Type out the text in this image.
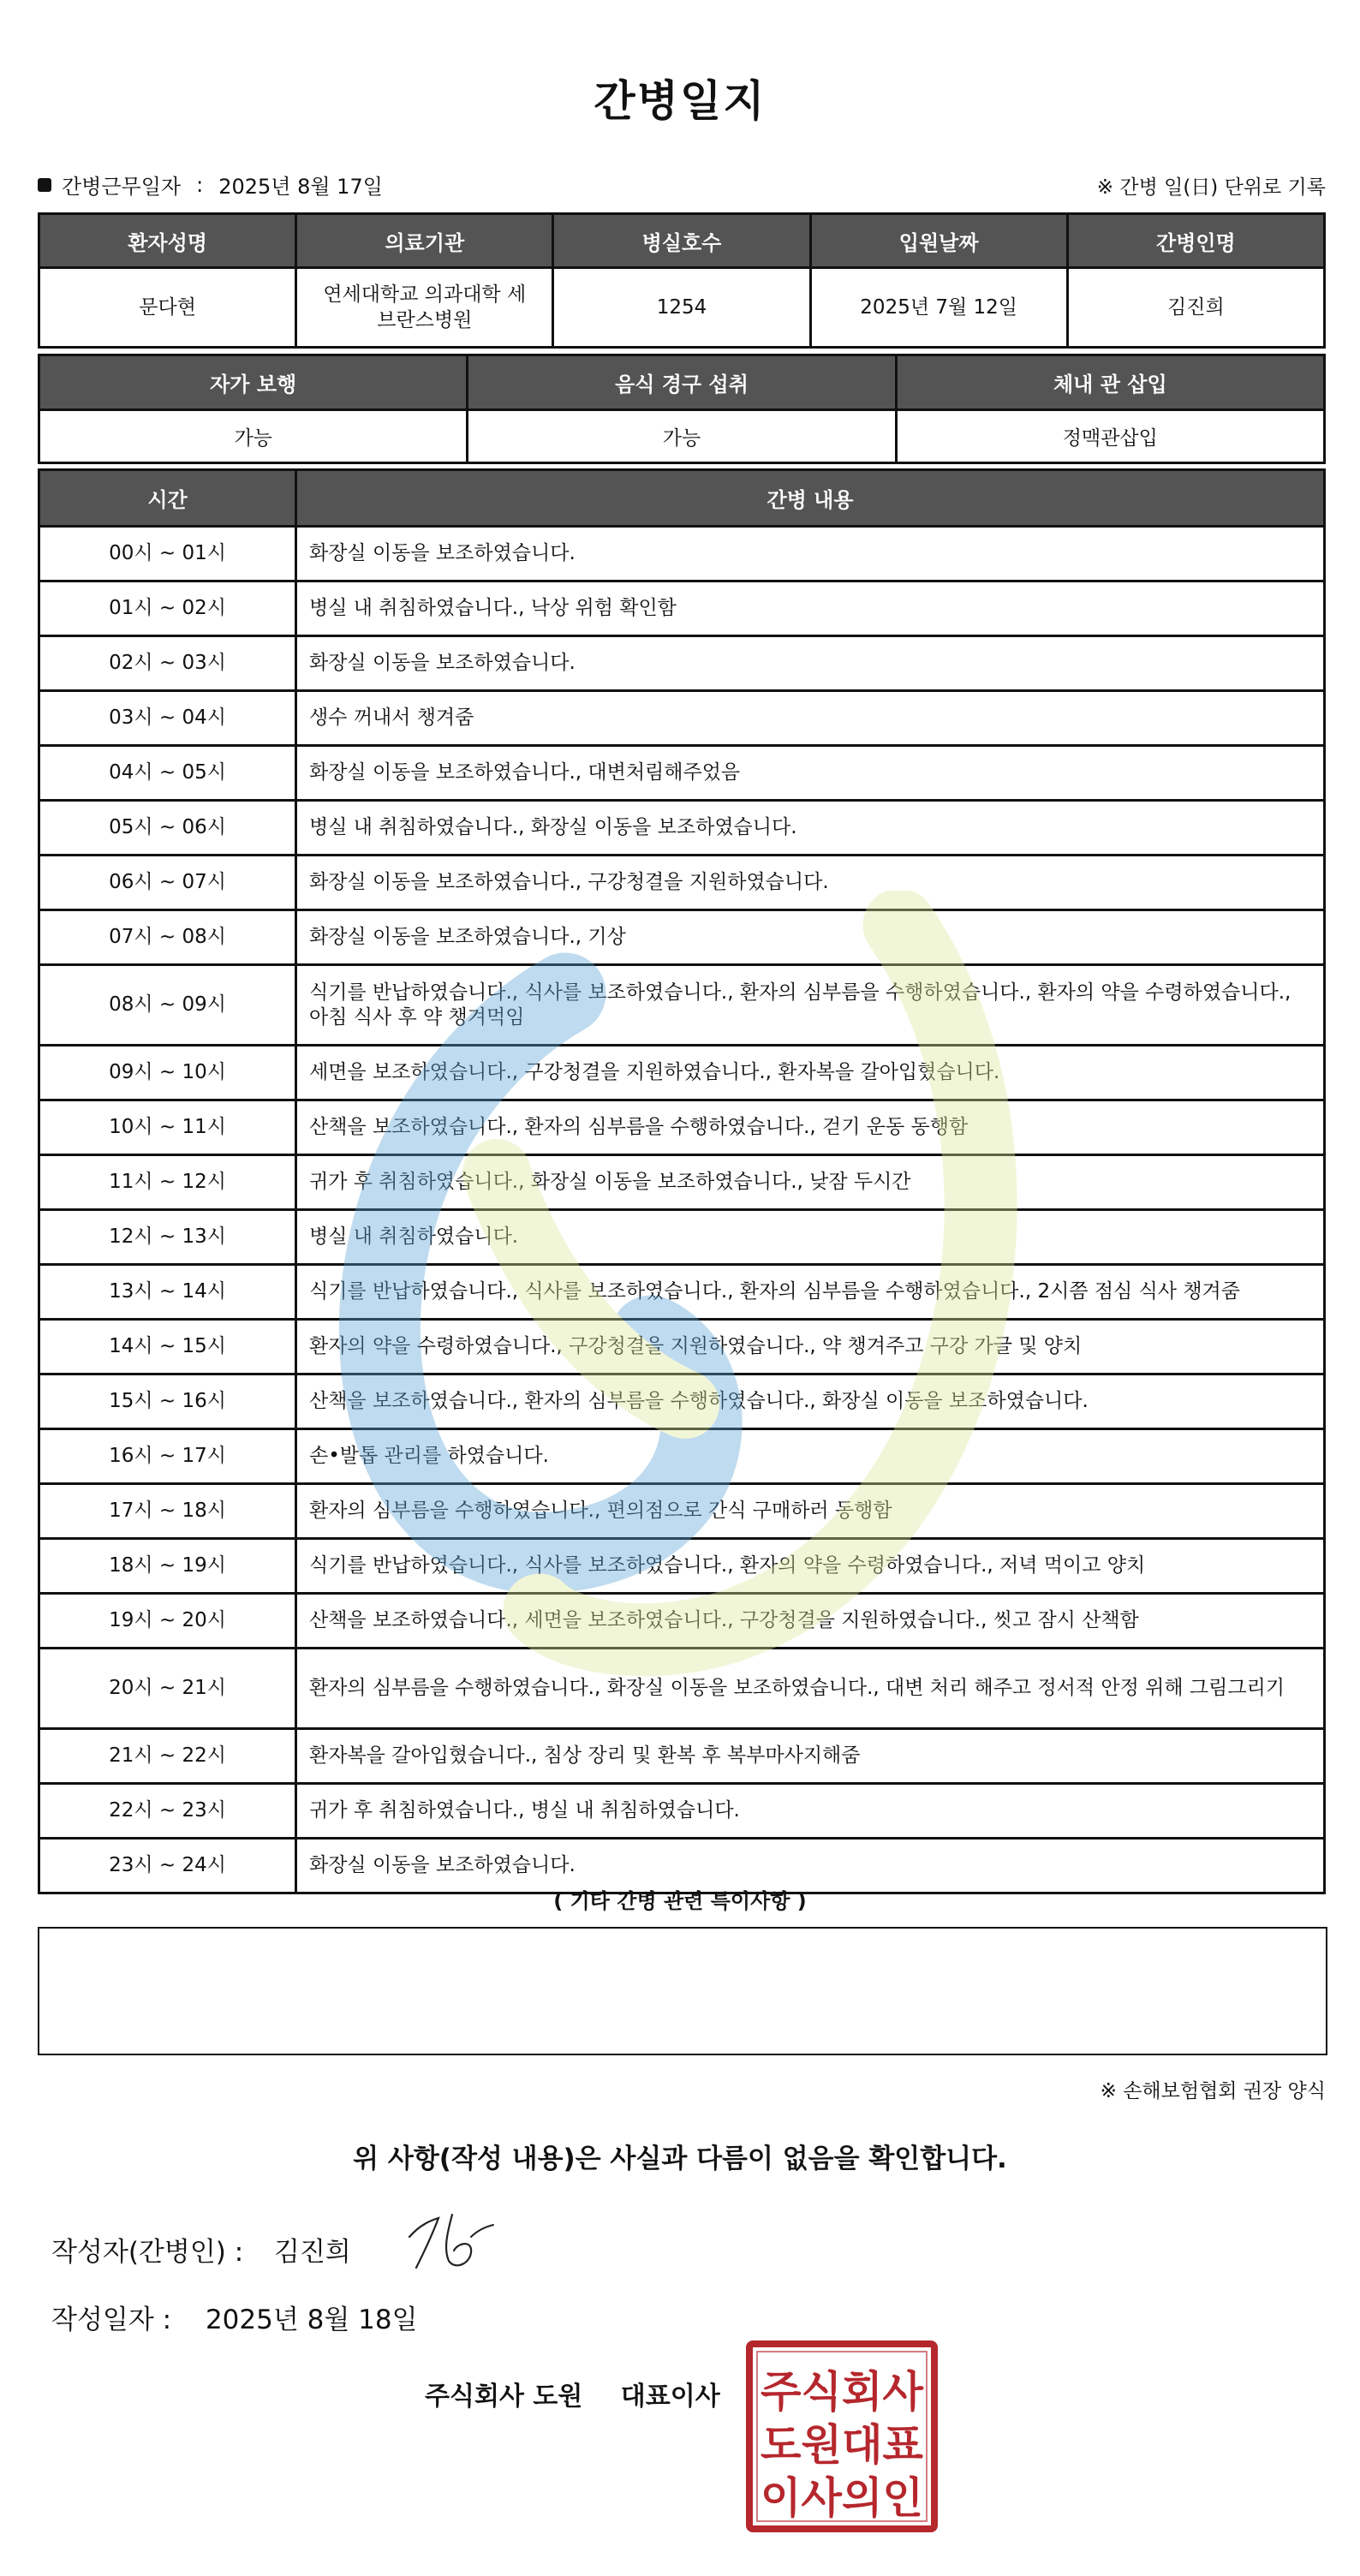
간병일지
간병근무일자 : 2025년 8월 17일	※ 간병 일(日) 단위로 기록
환자성명	의료기관	병실호수	입원날짜	간병인명
문다현	연세대학교 의과대학 세브란스병원	1254	2025년 7월 12일	김진희
자가 보행	음식 경구 섭취	체내 관 삽입
가능	가능	정맥관삽입
시간	간병 내용
00시 ~ 01시	화장실 이동을 보조하였습니다.
01시 ~ 02시	병실 내 취침하였습니다., 낙상 위험 확인함
02시 ~ 03시	화장실 이동을 보조하였습니다.
03시 ~ 04시	생수 꺼내서 챙겨줌
04시 ~ 05시	화장실 이동을 보조하였습니다., 대변처림해주었음
05시 ~ 06시	병실 내 취침하였습니다., 화장실 이동을 보조하였습니다.
06시 ~ 07시	화장실 이동을 보조하였습니다., 구강청결을 지원하였습니다.
07시 ~ 08시	화장실 이동을 보조하였습니다., 기상
08시 ~ 09시	식기를 반납하였습니다., 식사를 보조하였습니다., 환자의 심부름을 수행하였습니다., 환자의 약을 수령하였습니다., 아침 식사 후 약 챙겨먹임
09시 ~ 10시	세면을 보조하였습니다., 구강청결을 지원하였습니다., 환자복을 갈아입혔습니다.
10시 ~ 11시	산책을 보조하였습니다., 환자의 심부름을 수행하였습니다., 걷기 운동 동행함
11시 ~ 12시	귀가 후 취침하였습니다., 화장실 이동을 보조하였습니다., 낮잠 두시간
12시 ~ 13시	병실 내 취침하였습니다.
13시 ~ 14시	식기를 반납하였습니다., 식사를 보조하였습니다., 환자의 심부름을 수행하였습니다., 2시쯤 점심 식사 챙겨줌
14시 ~ 15시	환자의 약을 수령하였습니다., 구강청결을 지원하였습니다., 약 챙겨주고 구강 가글 및 양치
15시 ~ 16시	산책을 보조하였습니다., 환자의 심부름을 수행하였습니다., 화장실 이동을 보조하였습니다.
16시 ~ 17시	손•발톱 관리를 하였습니다.
17시 ~ 18시	환자의 심부름을 수행하였습니다., 편의점으로 간식 구매하러 동행함
18시 ~ 19시	식기를 반납하였습니다., 식사를 보조하였습니다., 환자의 약을 수령하였습니다., 저녁 먹이고 양치
19시 ~ 20시	산책을 보조하였습니다., 세면을 보조하였습니다., 구강청결을 지원하였습니다., 씻고 잠시 산책함
20시 ~ 21시	환자의 심부름을 수행하였습니다., 화장실 이동을 보조하였습니다., 대변 처리 해주고 정서적 안정 위해 그림그리기
21시 ~ 22시	환자복을 갈아입혔습니다., 침상 장리 및 환복 후 복부마사지해줌
22시 ~ 23시	귀가 후 취침하였습니다., 병실 내 취침하였습니다.
23시 ~ 24시	화장실 이동을 보조하였습니다.
( 기타 간병 관련 특이사항 )
※ 손해보험협회 권장 양식
위 사항(작성 내용)은 사실과 다름이 없음을 확인합니다.
작성자(간병인) : 김진희
작성일자 : 2025년 8월 18일
주식회사 도원 대표이사 주식회사
도원대표
이사의인
